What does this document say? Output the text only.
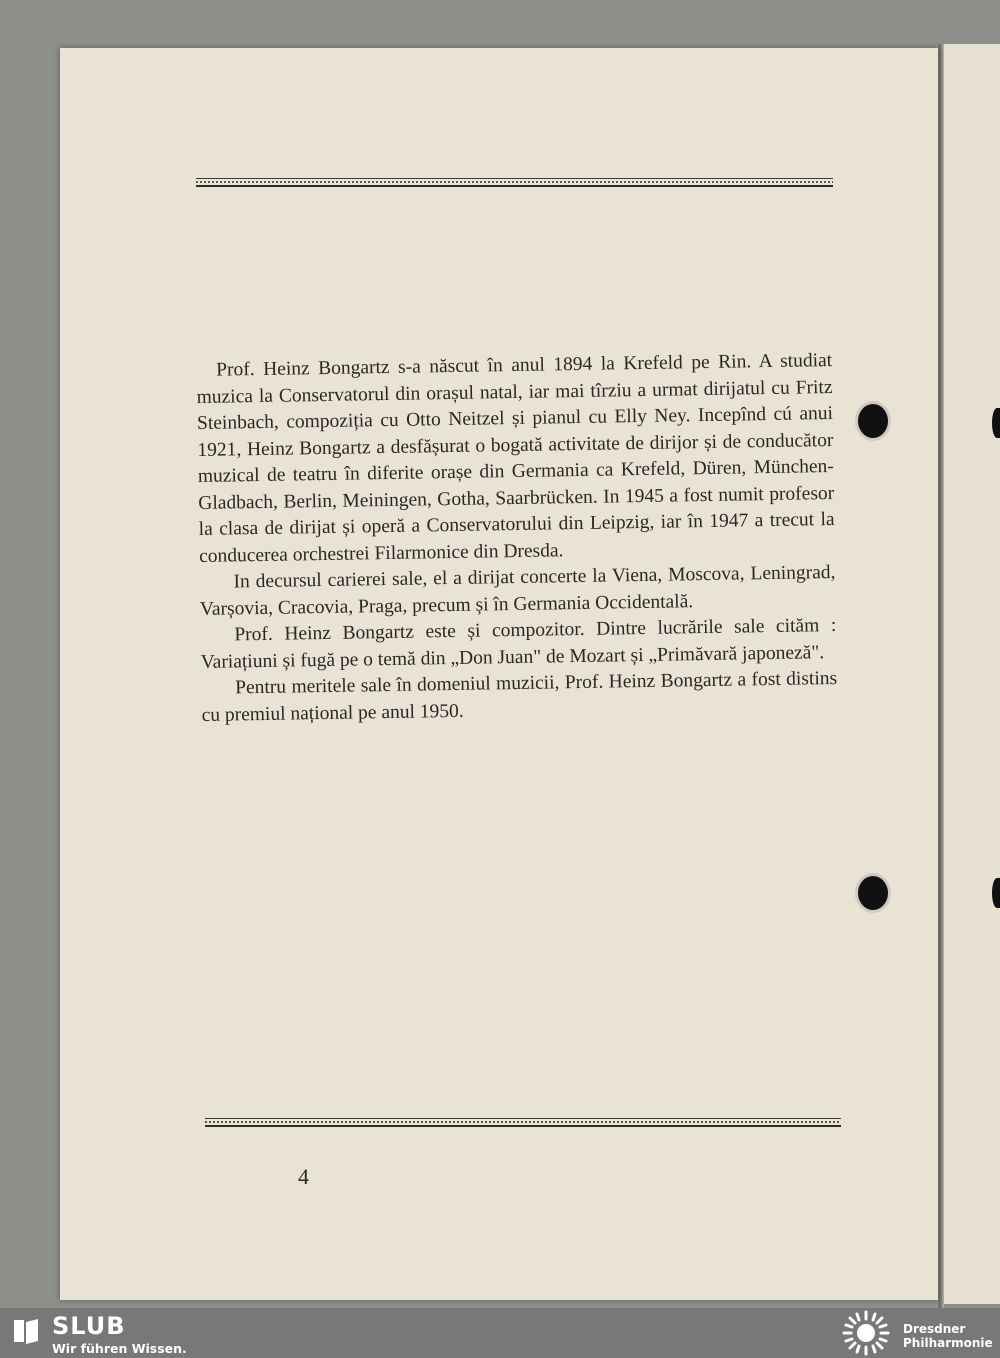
Prof. Heinz Bongartz s-a născut în anul 1894 la Krefeld pe Rin. A studiat muzica la Conservatorul din orașul natal, iar mai tîrziu a urmat dirijatul cu Fritz Steinbach, compoziția cu Otto Neitzel și pianul cu Elly Ney. Incepînd cú anui 1921, Heinz Bongartz a desfășurat o bogată activitate de dirijor și de conducător muzical de teatru în diferite orașe din Germania ca Krefeld, Düren, München-Gladbach, Berlin, Meiningen, Gotha, Saarbrücken. In 1945 a fost numit profesor la clasa de dirijat și operă a Conservatorului din Leipzig, iar în 1947 a trecut la conducerea orchestrei Filarmonice din Dresda.

In decursul carierei sale, el a dirijat concerte la Viena, Moscova, Leningrad, Varșovia, Cracovia, Praga, precum și în Germania Occidentală.

Prof. Heinz Bongartz este și compozitor. Dintre lucrările sale cităm : Variațiuni și fugă pe o temă din „Don Juan" de Mozart și „Primăvară japoneză".

Pentru meritele sale în domeniul muzicii, Prof. Heinz Bongartz a fost distins cu premiul național pe anul 1950.

4
SLUB
Wir führen Wissen.
Dresdner
Philharmonie
